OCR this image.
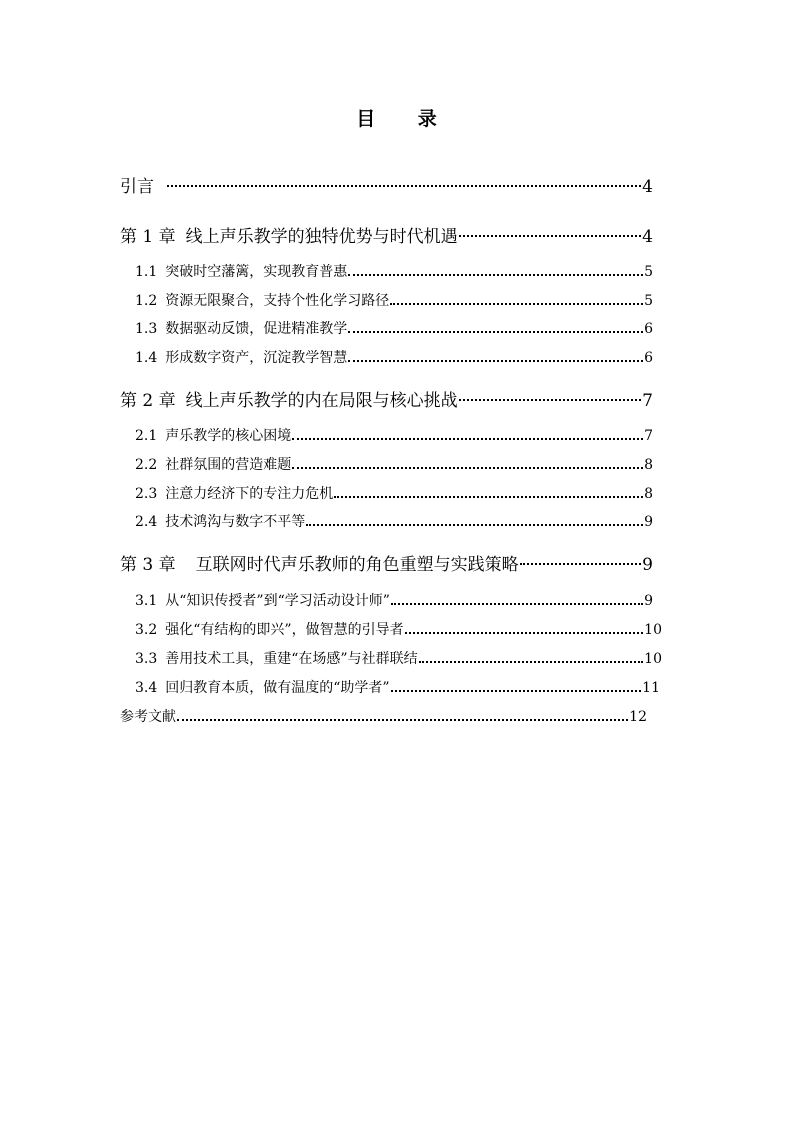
目 录
引言	4
第 1 章 线上声乐教学的独特优势与时代机遇	4
1.1 突破时空藩篱，实现教育普惠	5
1.2 资源无限聚合，支持个性化学习路径	5
1.3 数据驱动反馈，促进精准教学	6
1.4 形成数字资产，沉淀教学智慧	6
第 2 章 线上声乐教学的内在局限与核心挑战	7
2.1 声乐教学的核心困境	7
2.2 社群氛围的营造难题	8
2.3 注意力经济下的专注力危机	8
2.4 技术鸿沟与数字不平等	9
第 3 章 互联网时代声乐教师的角色重塑与实践策略	9
3.1 从“知识传授者”到“学习活动设计师”	9
3.2 强化“有结构的即兴”，做智慧的引导者	10
3.3 善用技术工具，重建“在场感”与社群联结	10
3.4 回归教育本质，做有温度的“助学者”	11
参考文献	12
